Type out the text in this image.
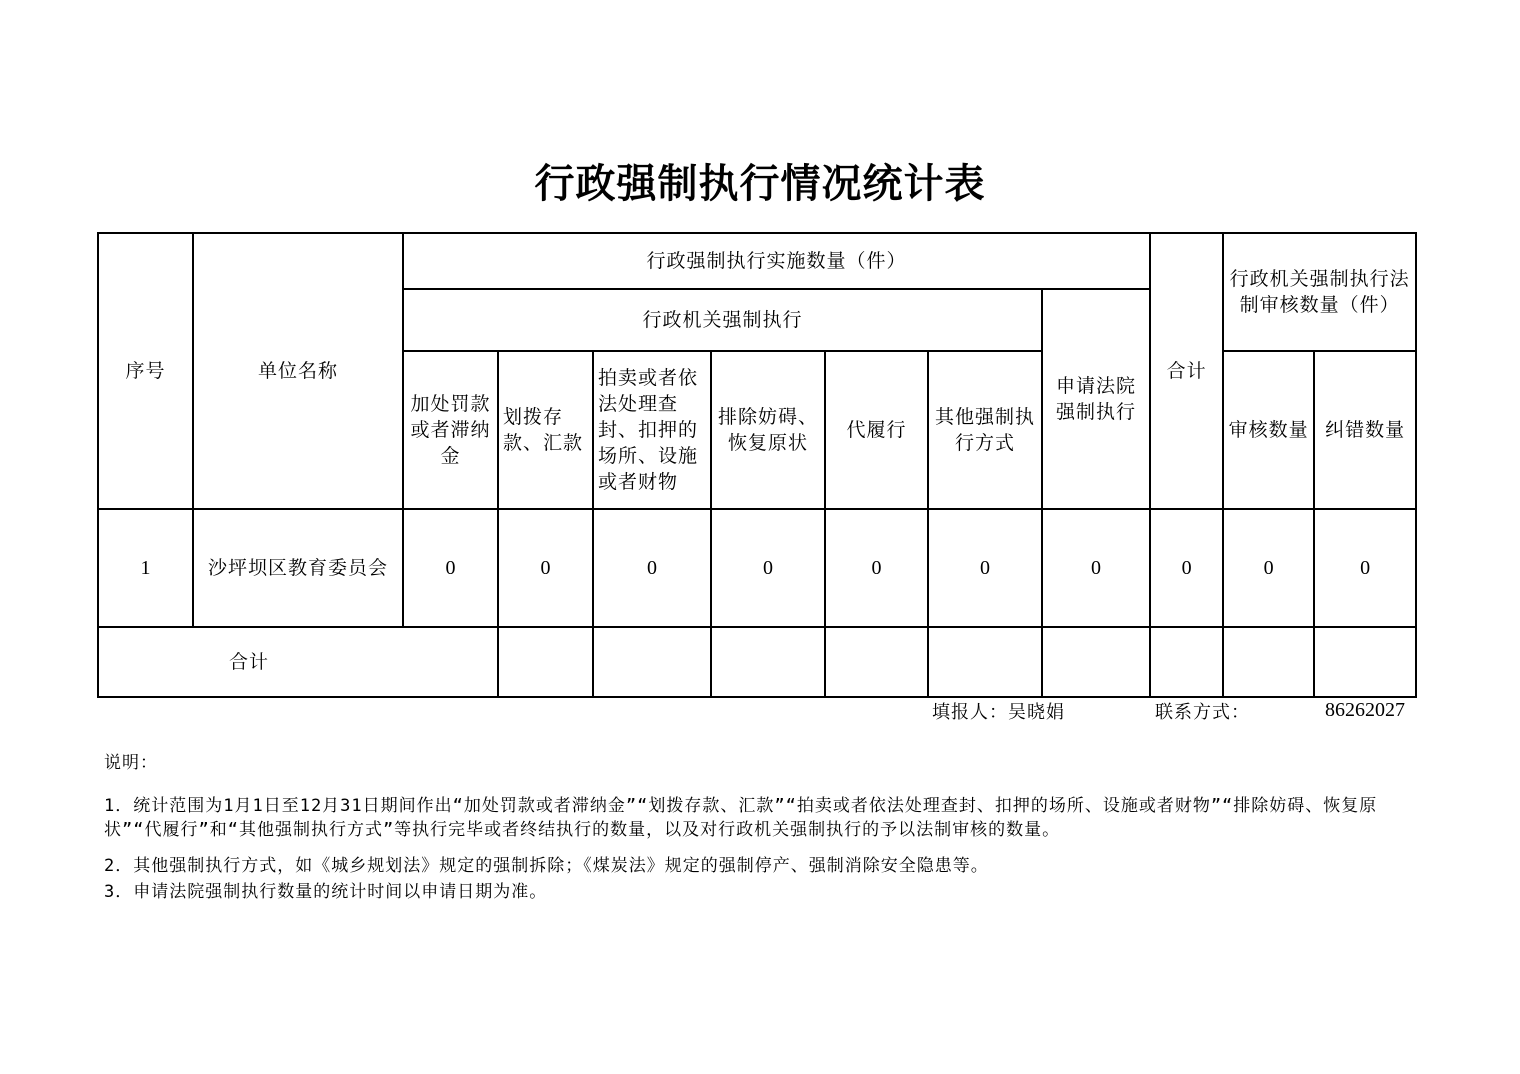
行政强制执行情况统计表
序号	单位名称	行政强制执行实施数量（件）							合计	行政机关强制执行法制审核数量（件）	
		行政机关强制执行						申请法院强制执行			
		加处罚款或者滞纳金	划拨存款、汇款	拍卖或者依法处理查封、扣押的场所、设施或者财物	排除妨碍、恢复原状	代履行	其他强制执行方式			审核数量	纠错数量
1	沙坪坝区教育委员会	0	0	0	0	0	0	0	0	0	0
合计											
填报人：吴晓娟	联系方式：	86262027
说明：
1．统计范围为1月1日至12月31日期间作出“加处罚款或者滞纳金”“划拨存款、汇款”“拍卖或者依法处理查封、扣押的场所、设施或者财物”“排除妨碍、恢复原状”“代履行”和“其他强制执行方式”等执行完毕或者终结执行的数量，以及对行政机关强制执行的予以法制审核的数量。
2．其他强制执行方式，如《城乡规划法》规定的强制拆除；《煤炭法》规定的强制停产、强制消除安全隐患等。
3．申请法院强制执行数量的统计时间以申请日期为准。
